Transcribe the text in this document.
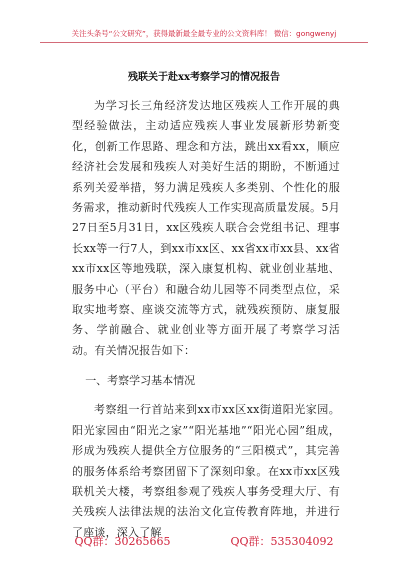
关注头条号“公文研究”，获得最新最全最专业的公文资料库！ 微信：gongwenyj
残联关于赴xx考察学习的情况报告

为学习长三角经济发达地区残疾人工作开展的典型经验做法，主动适应残疾人事业发展新形势新变化，创新工作思路、理念和方法，跳出xx看xx，顺应经济社会发展和残疾人对美好生活的期盼，不断通过系列关爱举措，努力满足残疾人多类别、个性化的服务需求，推动新时代残疾人工作实现高质量发展。5月27日至5月31日，xx区残疾人联合会党组书记、理事长xx等一行7人，到xx市xx区、xx省xx市xx县、xx省xx市xx区等地残联，深入康复机构、就业创业基地、服务中心（平台）和融合幼儿园等不同类型点位，采取实地考察、座谈交流等方式，就残疾预防、康复服务、学前融合、就业创业等方面开展了考察学习活动。有关情况报告如下：

一、考察学习基本情况

考察组一行首站来到xx市xx区xx街道阳光家园。阳光家园由“阳光之家”“阳光基地”“阳光心园”组成，形成为残疾人提供全方位服务的“三阳模式”，其完善的服务体系给考察团留下了深刻印象。在xx市xx区残联机关大楼，考察组参观了残疾人事务受理大厅、有关残疾人法律法规的法治文化宣传教育阵地，并进行了座谈，深入了解

QQ群：30265665	QQ群：535304092
